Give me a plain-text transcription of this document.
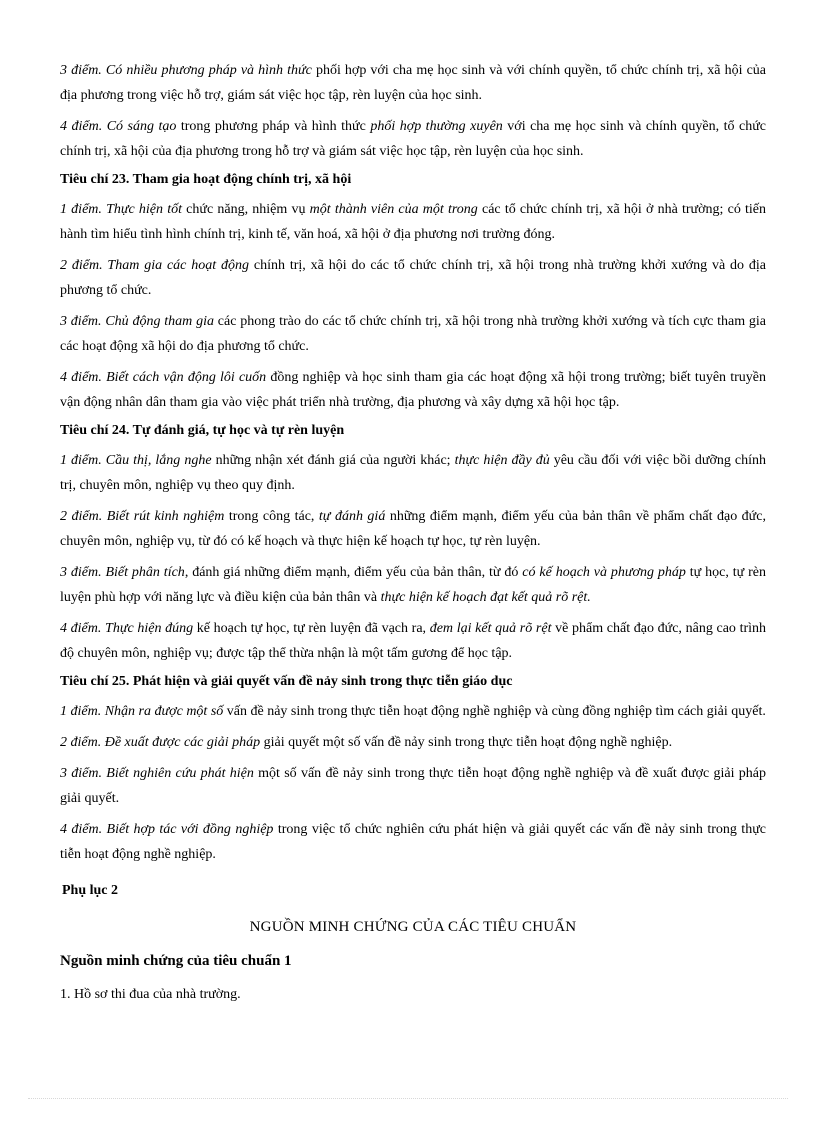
3 điểm. Có nhiều phương pháp và hình thức phối hợp với cha mẹ học sinh và với chính quyền, tổ chức chính trị, xã hội của địa phương trong việc hỗ trợ, giám sát việc học tập, rèn luyện của học sinh.

4 điểm. Có sáng tạo trong phương pháp và hình thức phối hợp thường xuyên với cha mẹ học sinh và chính quyền, tổ chức chính trị, xã hội của địa phương trong hỗ trợ và giám sát việc học tập, rèn luyện của học sinh.

Tiêu chí 23. Tham gia hoạt động chính trị, xã hội

1 điểm. Thực hiện tốt chức năng, nhiệm vụ một thành viên của một trong các tổ chức chính trị, xã hội ở nhà trường; có tiến hành tìm hiểu tình hình chính trị, kinh tế, văn hoá, xã hội ở địa phương nơi trường đóng.

2 điểm. Tham gia các hoạt động chính trị, xã hội do các tổ chức chính trị, xã hội trong nhà trường khởi xướng và do địa phương tổ chức.

3 điểm. Chủ động tham gia các phong trào do các tổ chức chính trị, xã hội trong nhà trường khởi xướng và tích cực tham gia các hoạt động xã hội do địa phương tổ chức.

4 điểm. Biết cách vận động lôi cuốn đồng nghiệp và học sinh tham gia các hoạt động xã hội trong trường; biết tuyên truyền vận động nhân dân tham gia vào việc phát triển nhà trường, địa phương và xây dựng xã hội học tập.

Tiêu chí 24. Tự đánh giá, tự học và tự rèn luyện

1 điểm. Cầu thị, lắng nghe những nhận xét đánh giá của người khác; thực hiện đầy đủ yêu cầu đối với việc bồi dưỡng chính trị, chuyên môn, nghiệp vụ theo quy định.

2 điểm. Biết rút kinh nghiệm trong công tác, tự đánh giá những điểm mạnh, điểm yếu của bản thân về phẩm chất đạo đức, chuyên môn, nghiệp vụ, từ đó có kế hoạch và thực hiện kế hoạch tự học, tự rèn luyện.

3 điểm. Biết phân tích, đánh giá những điểm mạnh, điểm yếu của bản thân, từ đó có kế hoạch và phương pháp tự học, tự rèn luyện phù hợp với năng lực và điều kiện của bản thân và thực hiện kế hoạch đạt kết quả rõ rệt.

4 điểm. Thực hiện đúng kế hoạch tự học, tự rèn luyện đã vạch ra, đem lại kết quả rõ rệt về phẩm chất đạo đức, nâng cao trình độ chuyên môn, nghiệp vụ; được tập thể thừa nhận là một tấm gương để học tập.

Tiêu chí 25. Phát hiện và giải quyết vấn đề nảy sinh trong thực tiễn giáo dục

1 điểm. Nhận ra được một số vấn đề nảy sinh trong thực tiễn hoạt động nghề nghiệp và cùng đồng nghiệp tìm cách giải quyết.

2 điểm. Đề xuất được các giải pháp giải quyết một số vấn đề nảy sinh trong thực tiễn hoạt động nghề nghiệp.

3 điểm. Biết nghiên cứu phát hiện một số vấn đề nảy sinh trong thực tiễn hoạt động nghề nghiệp và đề xuất được giải pháp giải quyết.

4 điểm. Biết hợp tác với đồng nghiệp trong việc tổ chức nghiên cứu phát hiện và giải quyết các vấn đề nảy sinh trong thực tiễn hoạt động nghề nghiệp.

Phụ lục 2
NGUỒN MINH CHỨNG CỦA CÁC TIÊU CHUẨN
Nguồn minh chứng của tiêu chuẩn 1
1. Hồ sơ thi đua của nhà trường.
